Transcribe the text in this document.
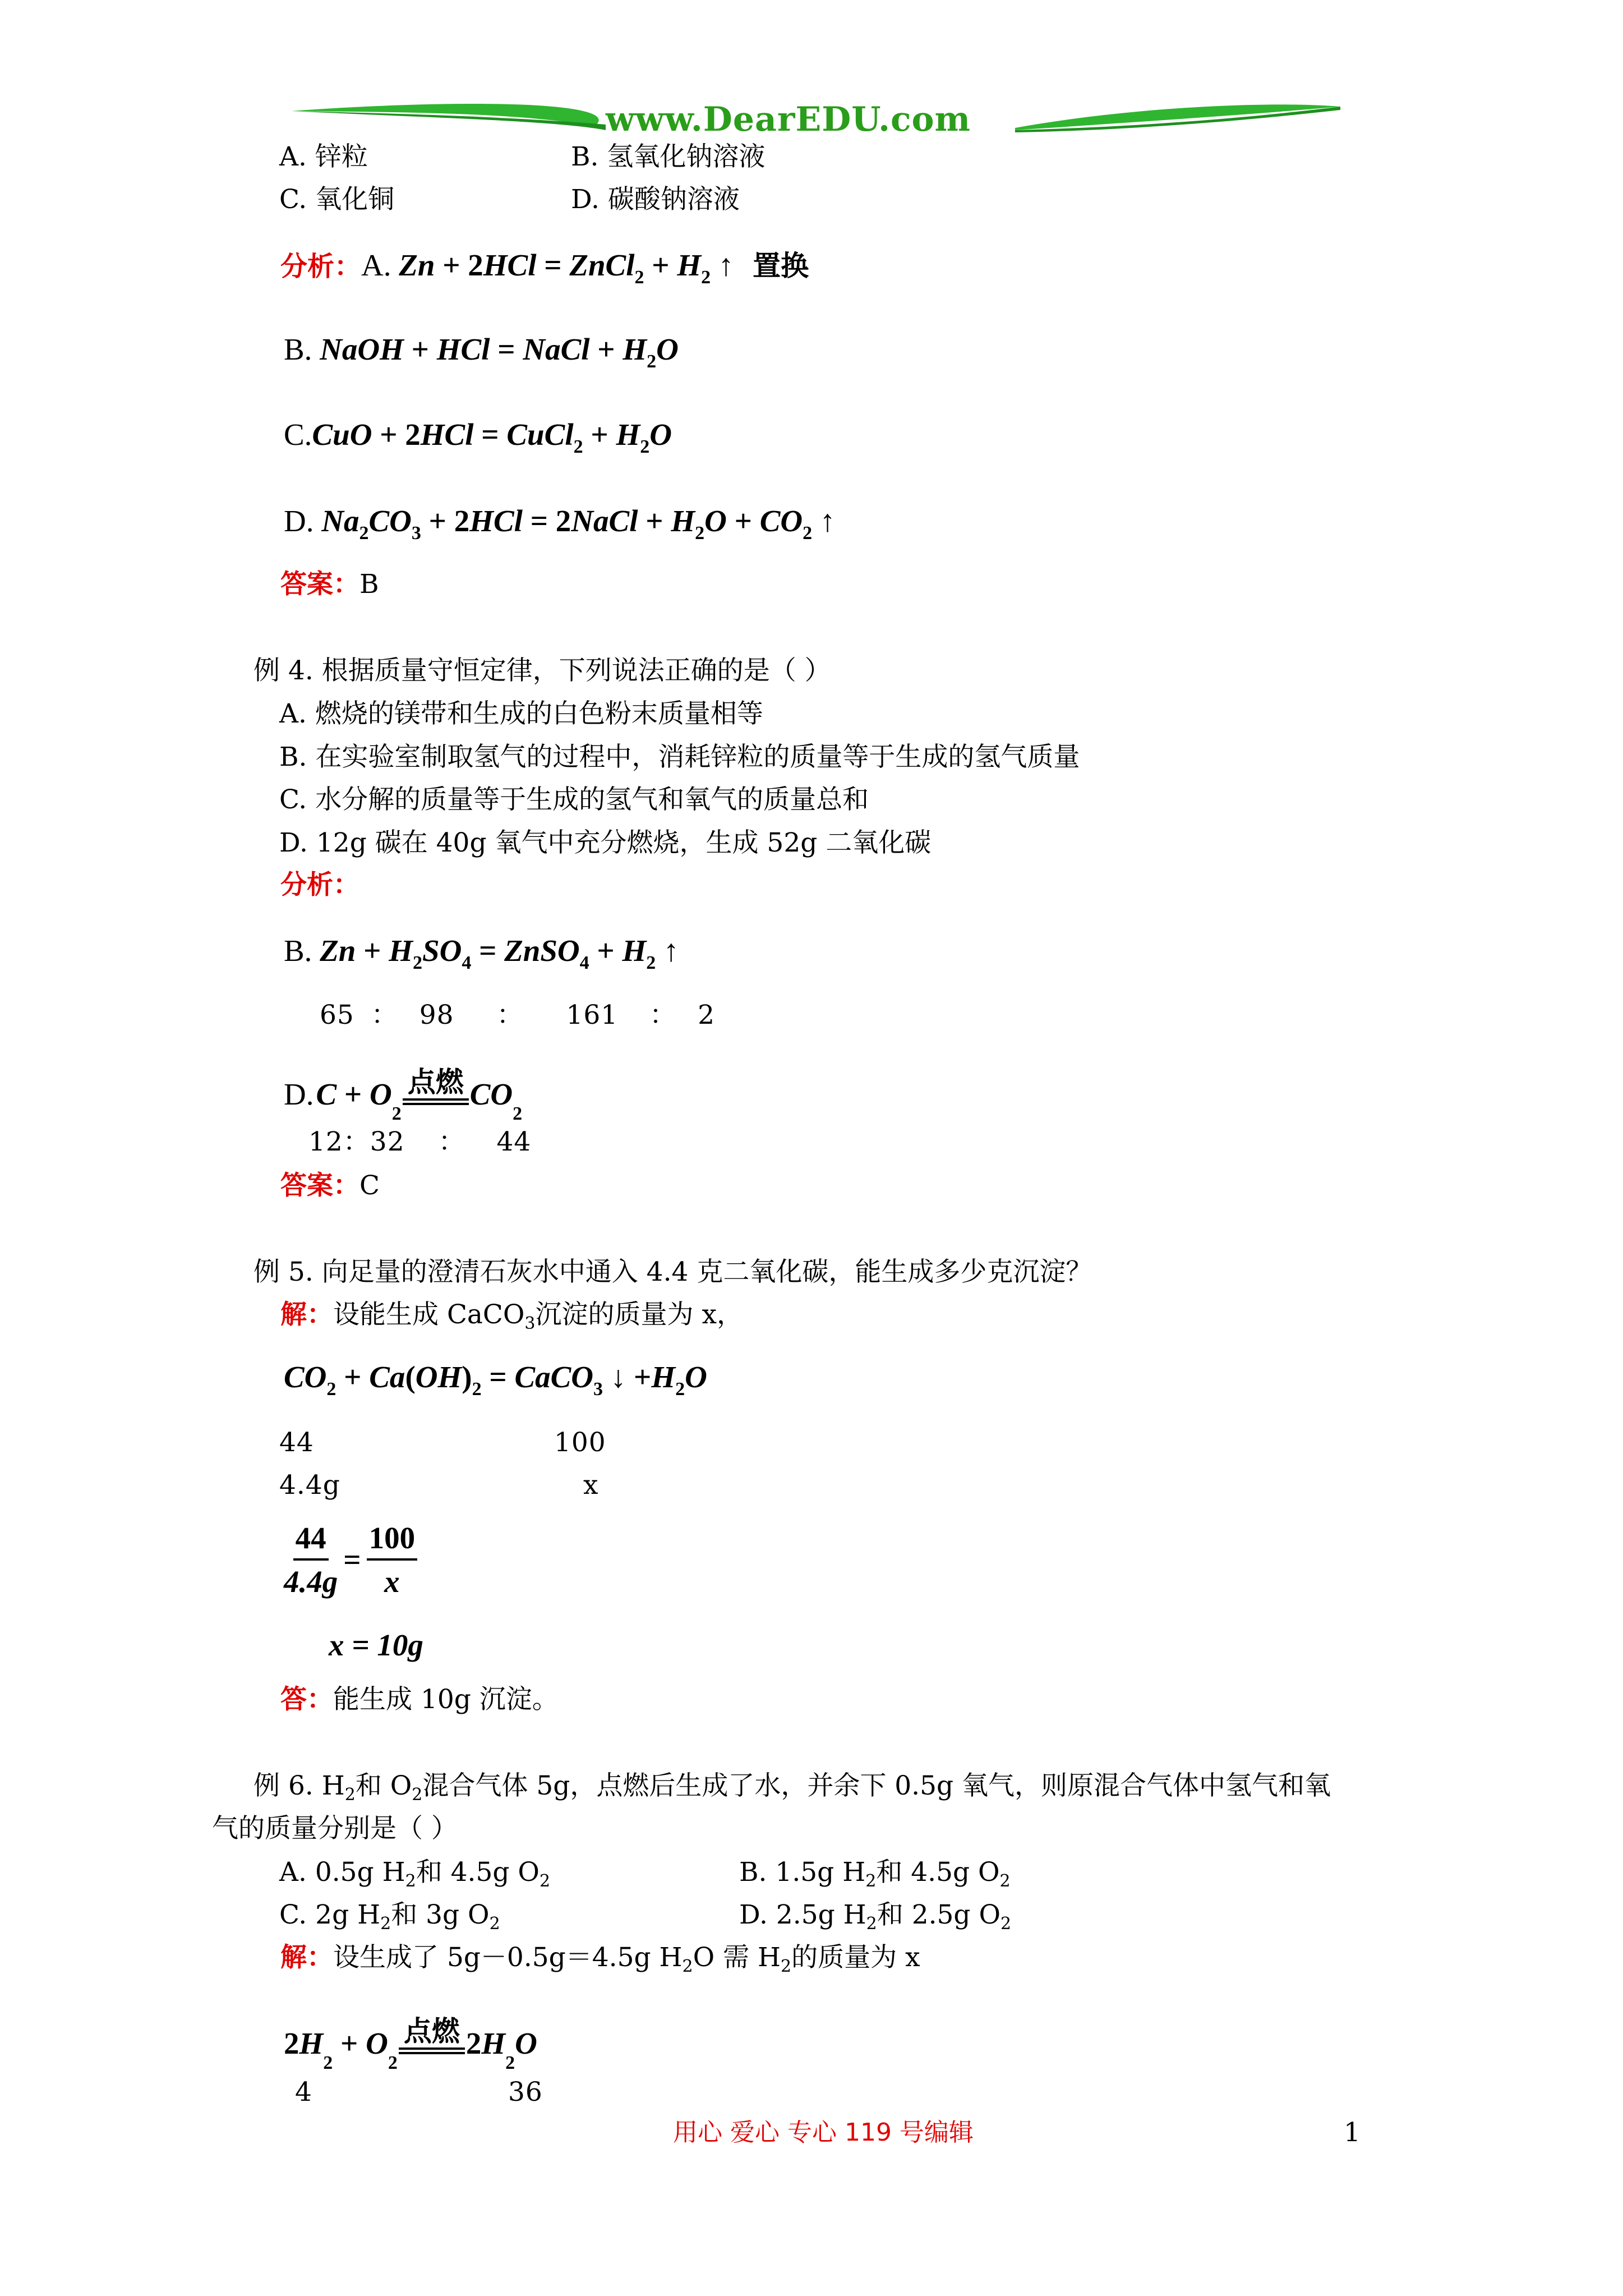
www.DearEDU.com
A. 锌粒	B. 氢氧化钠溶液
C. 氧化铜	D. 碳酸钠溶液
分析：A. Zn + 2HCl = ZnCl$_2$ + $H_2$ ↑ 置换
B. NaOH + HCl = NaCl + $H_2O$
C.CuO + 2HCl = CuCl$_2$ + $H_2O$
D. $Na_2CO_3 + 2HCl$ = 2NaCl + $H_2O + CO_2$ ↑
答案：B
例 4. 根据质量守恒定律，下列说法正确的是（ ）
A. 燃烧的镁带和生成的白色粉末质量相等
B. 在实验室制取氢气的过程中，消耗锌粒的质量等于生成的氢气质量
C. 水分解的质量等于生成的氢气和氧气的质量总和
D. 12g 碳在 40g 氧气中充分燃烧，生成 52g 二氧化碳
分析：
B. $Zn + H_2SO_4$ = ZnSO$_4$ + $H_2$ ↑
65 ： 98 ： 161 ： 2
D. C + O
2
点燃 CO
2
12：32 ： 44
答案：C
例 5. 向足量的澄清石灰水中通入 4.4 克二氧化碳，能生成多少克沉淀？
解：设能生成 CaCO$_3$沉淀的质量为 x，
$CO_2 + Ca(OH)_2$ = CaCO$_3$ ↓ $+H_2O$
44	100
4.4g	x
$\frac{44}{4.4g} = \frac{100}{x}$
x = 10g
答：能生成 10g 沉淀。
例 6. $H_2$和 $O_2$混合气体 5g，点燃后生成了水，并余下 0.5g 氧气，则原混合气体中氢气和氧
气的质量分别是（ ）
A. 0.5g $H_2$和 4.5g $O_2$	B. 1.5g $H_2$和 4.5g $O_2$
C. 2g $H_2$和 3g $O_2$	D. 2.5g $H_2$和 2.5g $O_2$
解：设生成了 5g－0.5g＝4.5g $H_2O$ 需 $H_2$的质量为 x
2 H
2
+ O
2
点燃 2 H
2
O
4	36
用心 爱心 专心 119 号编辑	1
